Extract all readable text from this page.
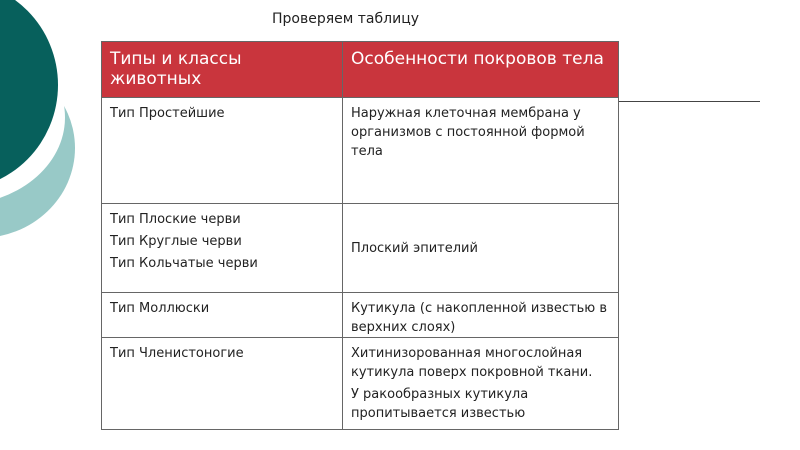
Проверяем таблицу
Типы и классы животных	Особенности покровов тела

Тип Простейшие	Наружная клеточная мембрана у организмов с постоянной формой тела

Тип Плоские черви
Тип Круглые черви
Тип Кольчатые черви	Плоский эпителий

Тип Моллюски	Кутикула (с накопленной известью в верхних слоях)

Тип Членистоногие	Хитинизорованная многослойная кутикула поверх покровной ткани.
У ракообразных кутикула пропитывается известью
